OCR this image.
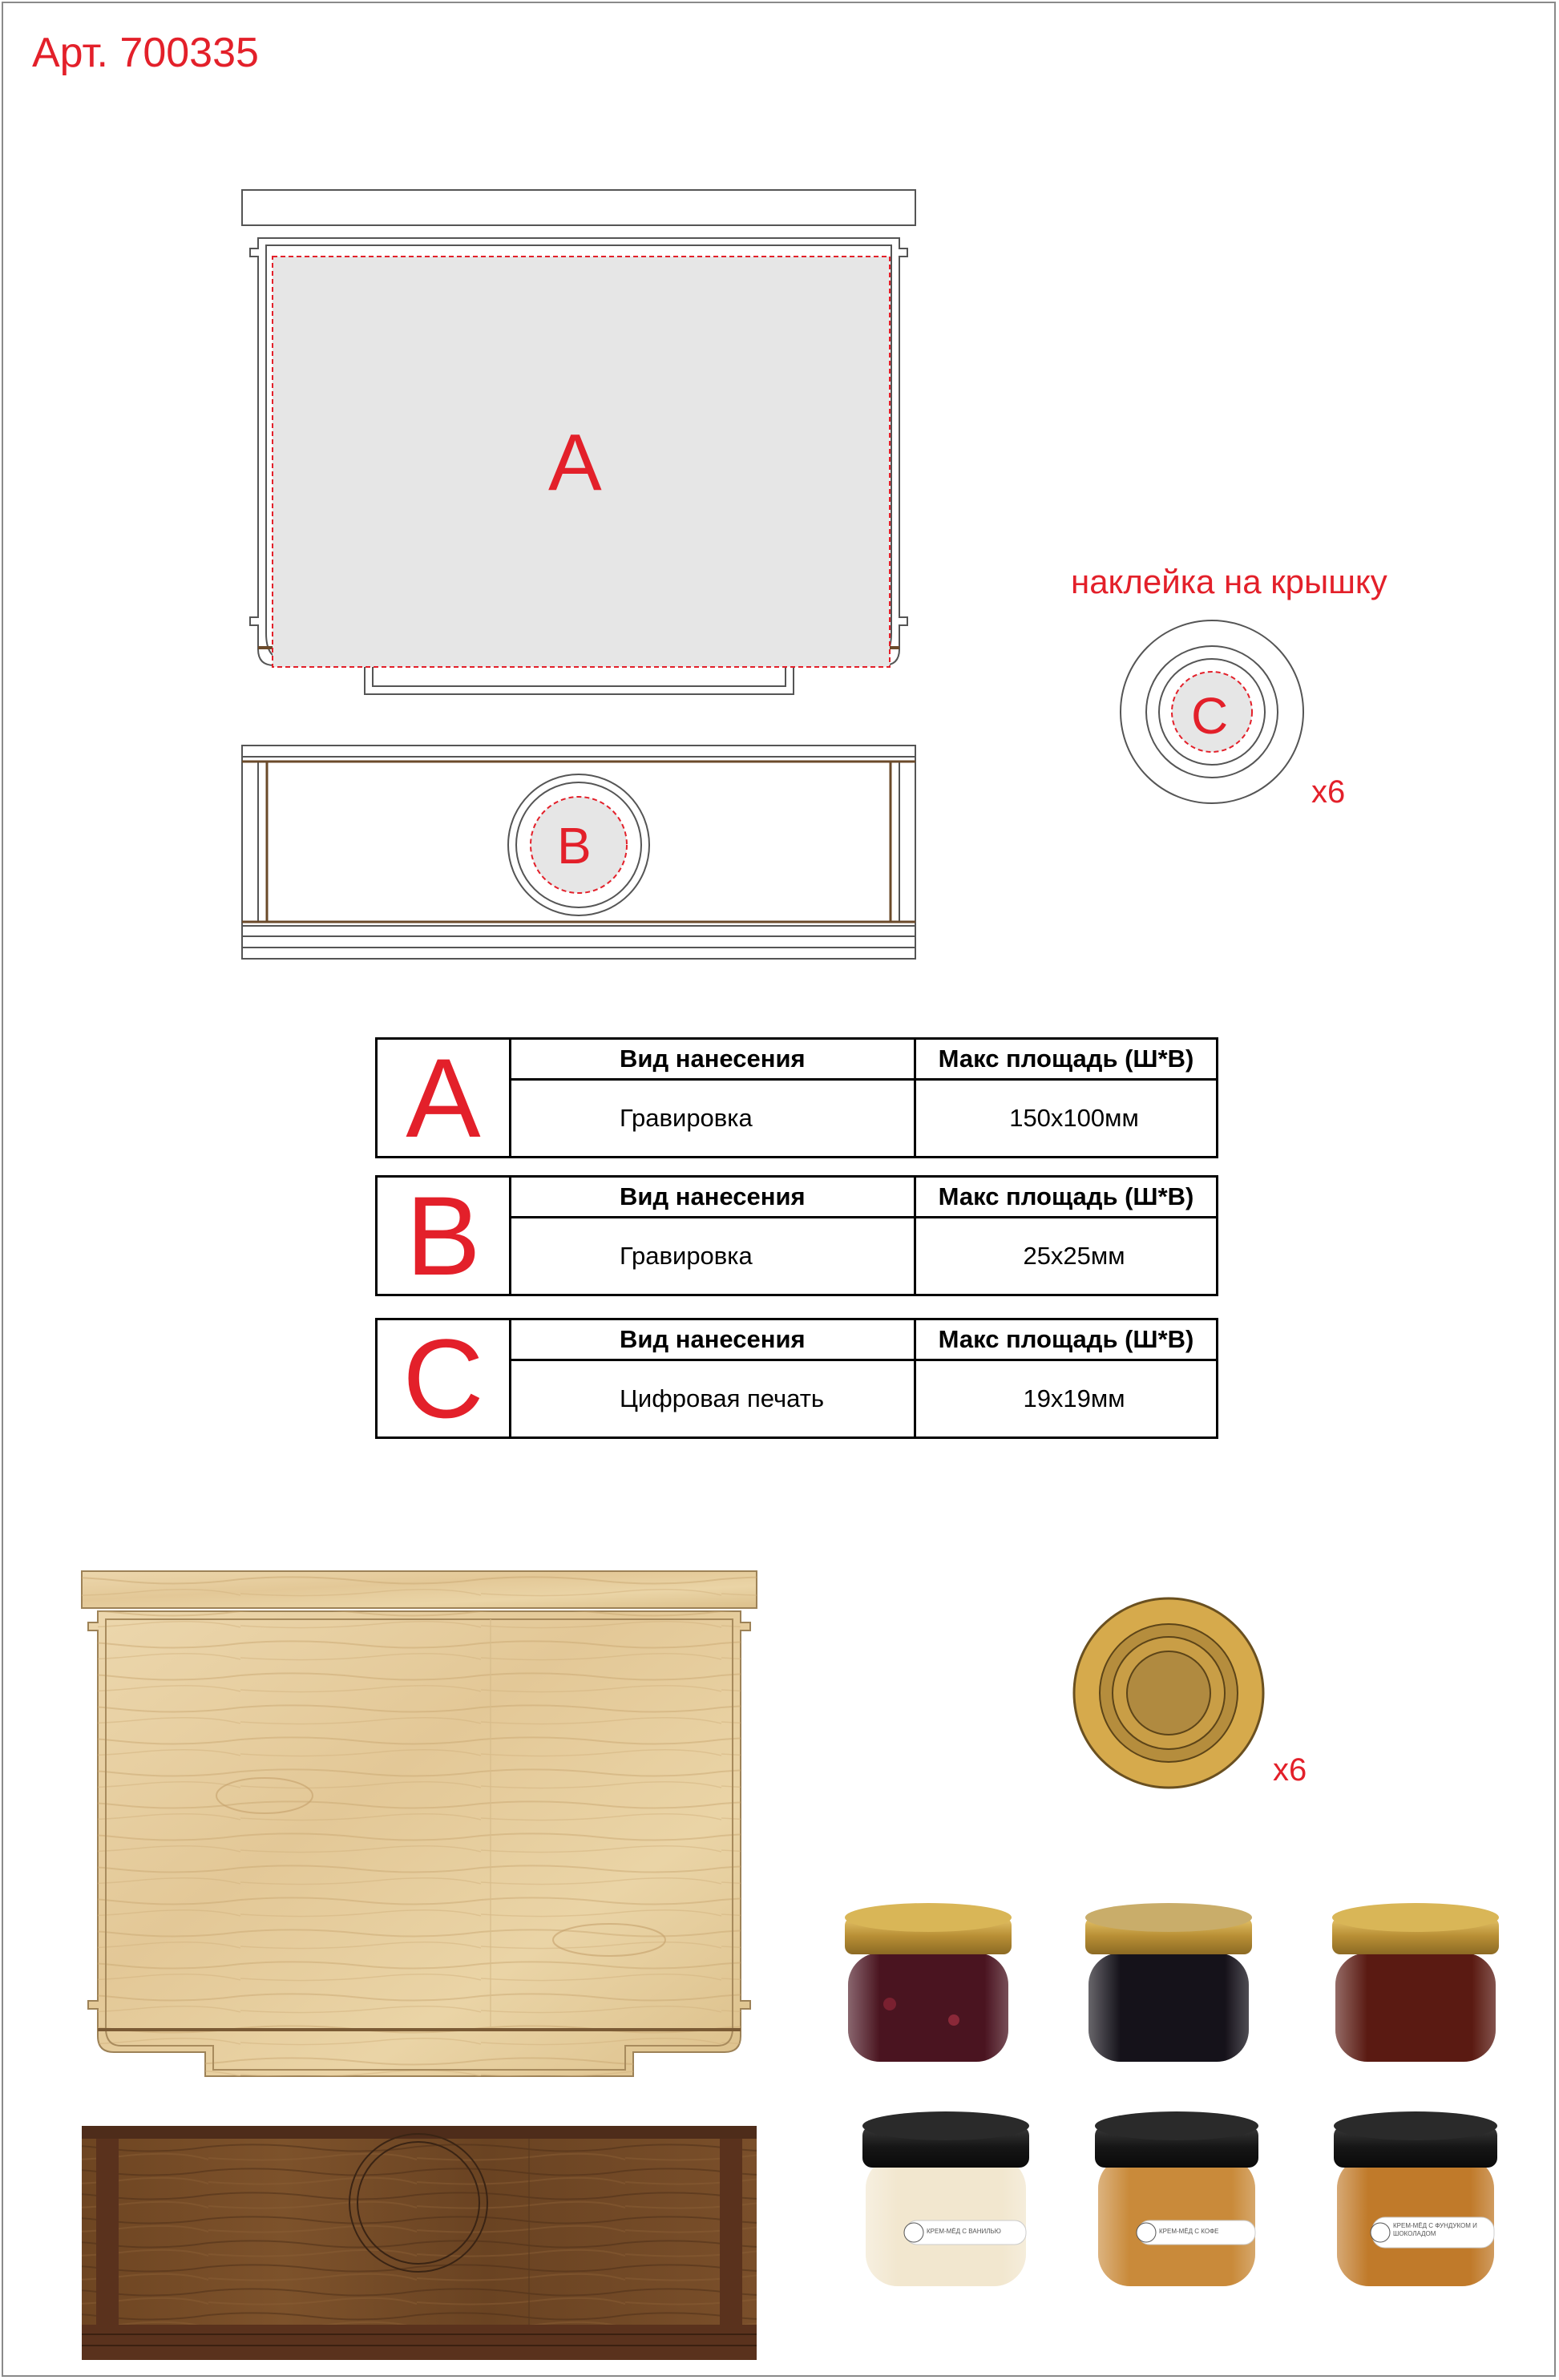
Арт. 700335
A
B
наклейка на крышку
C
x6
A	Вид нанесения	Макс площадь (Ш*В)
	Гравировка	150x100мм
B	Вид нанесения	Макс площадь (Ш*В)
	Гравировка	25x25мм
C	Вид нанесения	Макс площадь (Ш*В)
	Цифровая печать	19x19мм
x6
КРЕМ-МЁД С ВАНИЛЬЮ	КРЕМ-МЁД С КОФЕ
КРЕМ-МЁД С ФУНДУКОМ И ШОКОЛАДОМ
